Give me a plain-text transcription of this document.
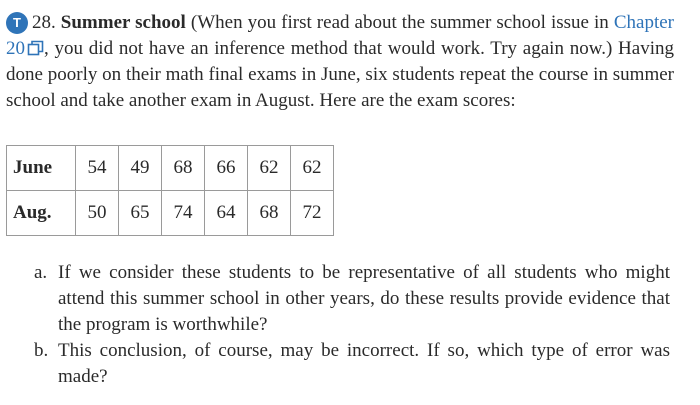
T 28. Summer school (When you first read about the summer school issue in Chapter 20 , you did not have an inference method that would work. Try again now.) Having done poorly on their math final exams in June, six students repeat the course in summer school and take another exam in August. Here are the exam scores:
June	54	49	68	66	62	62
Aug.	50	65	74	64	68	72
a. If we consider these students to be representative of all students who might attend this summer school in other years, do these results provide evidence that the program is worthwhile?
b. This conclusion, of course, may be incorrect. If so, which type of error was made?
